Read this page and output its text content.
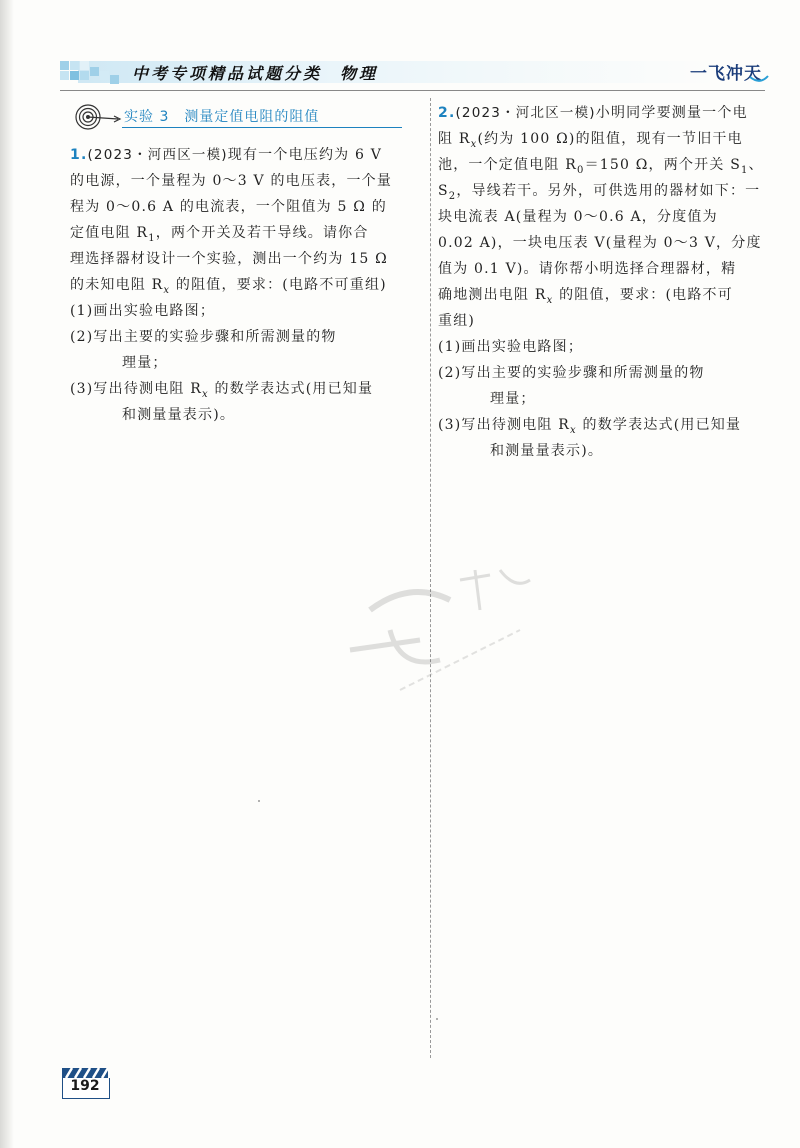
中考专项精品试题分类 物理	一飞冲天
实验 3　测量定值电阻的阻值
1.(2023・河西区一模)现有一个电压约为 6 V
的电源，一个量程为 0～3 V 的电压表，一个量
程为 0～0.6 A 的电流表，一个阻值为 5 Ω 的
定值电阻 $R_1$，两个开关及若干导线。请你合
理选择器材设计一个实验，测出一个约为 15 Ω
的未知电阻 $R_x$ 的阻值，要求：(电路不可重组)
(1)画出实验电路图；
(2)写出主要的实验步骤和所需测量的物
理量；
(3)写出待测电阻 $R_x$ 的数学表达式(用已知量
和测量量表示)。
2.(2023・河北区一模)小明同学要测量一个电
阻 $R_x$(约为 100 Ω)的阻值，现有一节旧干电
池，一个定值电阻 $R_0=150$ Ω，两个开关 $S_1$、
$S_2$，导线若干。另外，可供选用的器材如下：一
块电流表 A(量程为 0～0.6 A，分度值为
0.02 A)，一块电压表 V(量程为 0～3 V，分度
值为 0.1 V)。请你帮小明选择合理器材，精
确地测出电阻 $R_x$ 的阻值，要求：(电路不可
重组)
(1)画出实验电路图；
(2)写出主要的实验步骤和所需测量的物
理量；
(3)写出待测电阻 $R_x$ 的数学表达式(用已知量
和测量量表示)。
192
